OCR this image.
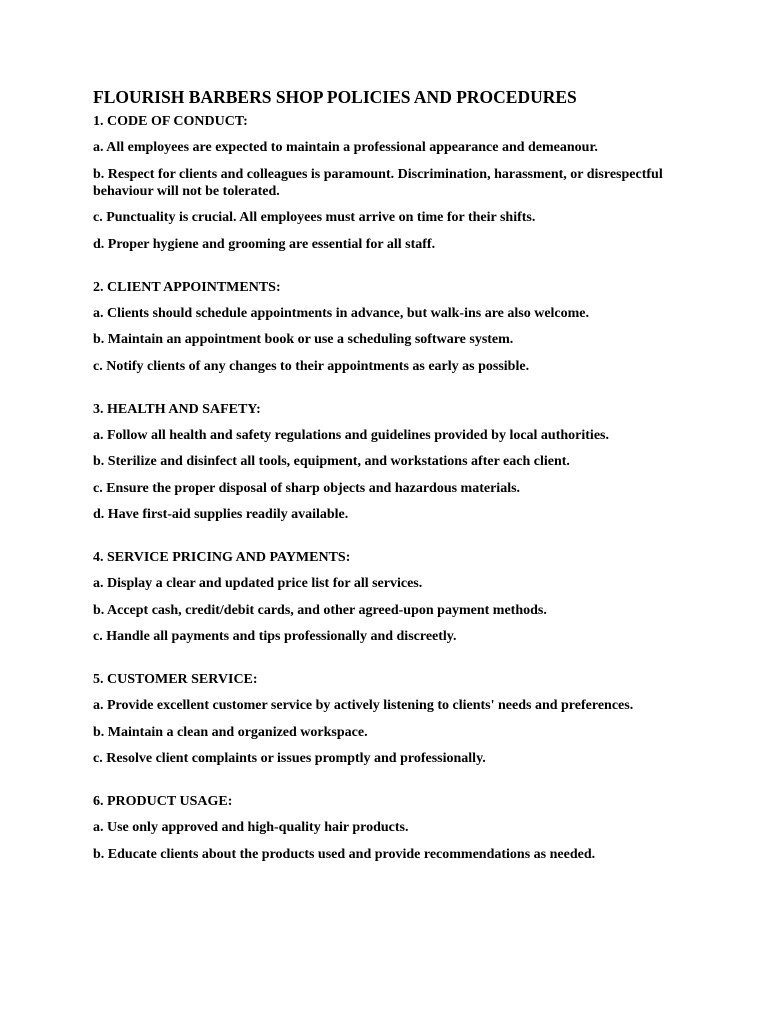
FLOURISH BARBERS SHOP POLICIES AND PROCEDURES
1. CODE OF CONDUCT:
a. All employees are expected to maintain a professional appearance and demeanour.
b. Respect for clients and colleagues is paramount. Discrimination, harassment, or disrespectful behaviour will not be tolerated.
c. Punctuality is crucial. All employees must arrive on time for their shifts.
d. Proper hygiene and grooming are essential for all staff.
2. CLIENT APPOINTMENTS:
a. Clients should schedule appointments in advance, but walk-ins are also welcome.
b. Maintain an appointment book or use a scheduling software system.
c. Notify clients of any changes to their appointments as early as possible.
3. HEALTH AND SAFETY:
a. Follow all health and safety regulations and guidelines provided by local authorities.
b. Sterilize and disinfect all tools, equipment, and workstations after each client.
c. Ensure the proper disposal of sharp objects and hazardous materials.
d. Have first-aid supplies readily available.
4. SERVICE PRICING AND PAYMENTS:
a. Display a clear and updated price list for all services.
b. Accept cash, credit/debit cards, and other agreed-upon payment methods.
c. Handle all payments and tips professionally and discreetly.
5. CUSTOMER SERVICE:
a. Provide excellent customer service by actively listening to clients' needs and preferences.
b. Maintain a clean and organized workspace.
c. Resolve client complaints or issues promptly and professionally.
6. PRODUCT USAGE:
a. Use only approved and high-quality hair products.
b. Educate clients about the products used and provide recommendations as needed.
